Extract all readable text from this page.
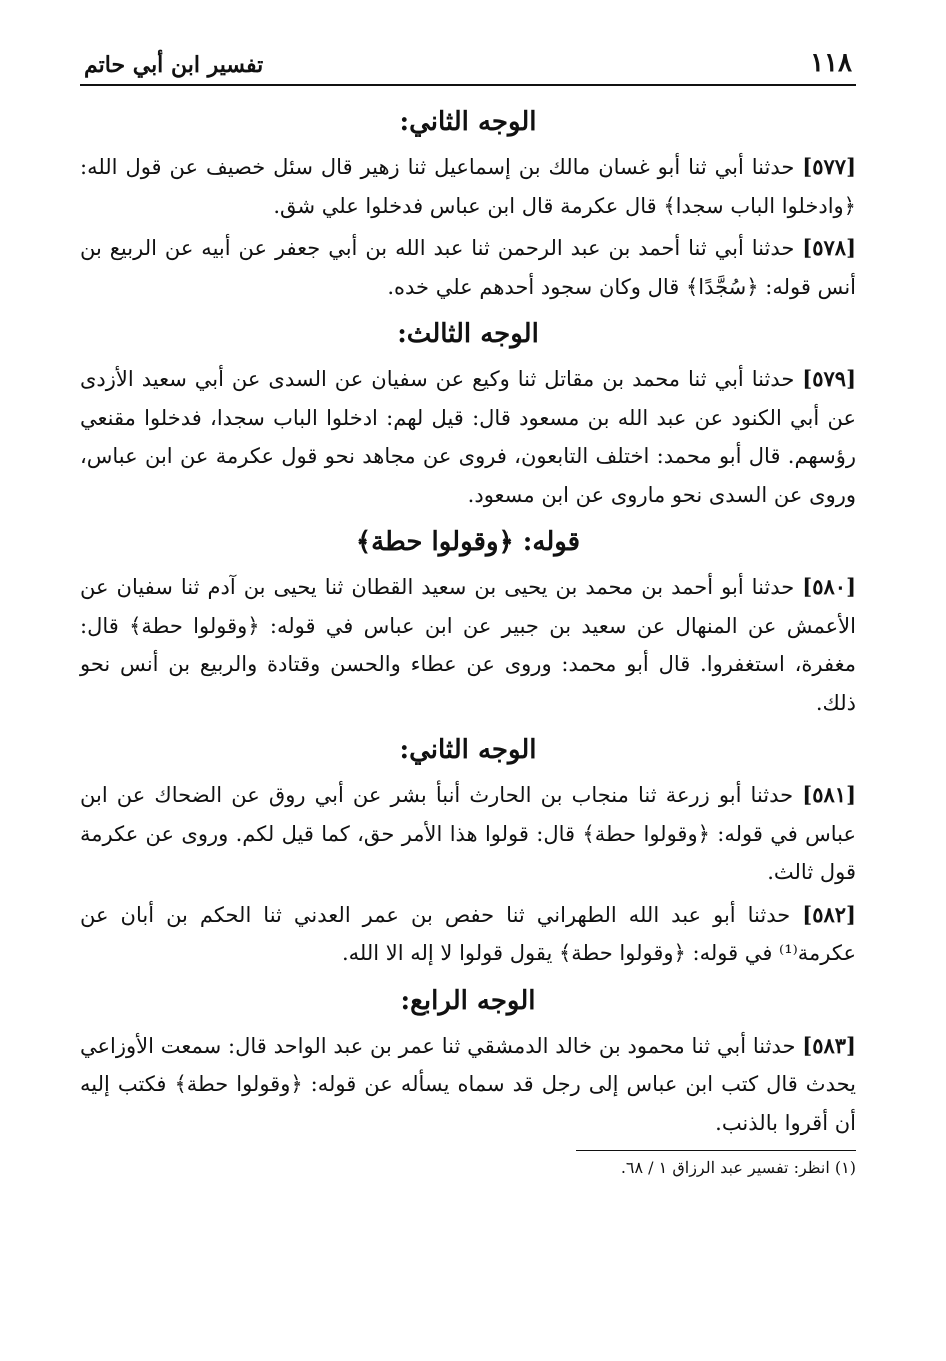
١١٨
تفسير ابن أبي حاتم
الوجه الثاني:

[٥٧٧] حدثنا أبي ثنا أبو غسان مالك بن إسماعيل ثنا زهير قال سئل خصيف عن قول الله: ﴿وادخلوا الباب سجدا﴾ قال عكرمة قال ابن عباس فدخلوا علي شق.

[٥٧٨] حدثنا أبي ثنا أحمد بن عبد الرحمن ثنا عبد الله بن أبي جعفر عن أبيه عن الربيع بن أنس قوله: ﴿سُجَّدًا﴾ قال وكان سجود أحدهم علي خده.

الوجه الثالث:

[٥٧٩] حدثنا أبي ثنا محمد بن مقاتل ثنا وكيع عن سفيان عن السدى عن أبي سعيد الأزدى عن أبي الكنود عن عبد الله بن مسعود قال: قيل لهم: ادخلوا الباب سجدا، فدخلوا مقنعي رؤسهم. قال أبو محمد: اختلف التابعون، فروى عن مجاهد نحو قول عكرمة عن ابن عباس، وروى عن السدى نحو ماروى عن ابن مسعود.

قوله: ﴿وقولوا حطة﴾

[٥٨٠] حدثنا أبو أحمد بن محمد بن يحيى بن سعيد القطان ثنا يحيى بن آدم ثنا سفيان عن الأعمش عن المنهال عن سعيد بن جبير عن ابن عباس في قوله: ﴿وقولوا حطة﴾ قال: مغفرة، استغفروا. قال أبو محمد: وروى عن عطاء والحسن وقتادة والربيع بن أنس نحو ذلك.

الوجه الثاني:

[٥٨١] حدثنا أبو زرعة ثنا منجاب بن الحارث أنبأ بشر عن أبي روق عن الضحاك عن ابن عباس في قوله: ﴿وقولوا حطة﴾ قال: قولوا هذا الأمر حق، كما قيل لكم. وروى عن عكرمة قول ثالث.

[٥٨٢] حدثنا أبو عبد الله الطهراني ثنا حفص بن عمر العدني ثنا الحكم بن أبان عن عكرمة⁽¹⁾ في قوله: ﴿وقولوا حطة﴾ يقول قولوا لا إله الا الله.

الوجه الرابع:

[٥٨٣] حدثنا أبي ثنا محمود بن خالد الدمشقي ثنا عمر بن عبد الواحد قال: سمعت الأوزاعي يحدث قال كتب ابن عباس إلى رجل قد سماه يسأله عن قوله: ﴿وقولوا حطة﴾ فكتب إليه أن أقروا بالذنب.

(١) انظر: تفسير عبد الرزاق ١ / ٦٨.
